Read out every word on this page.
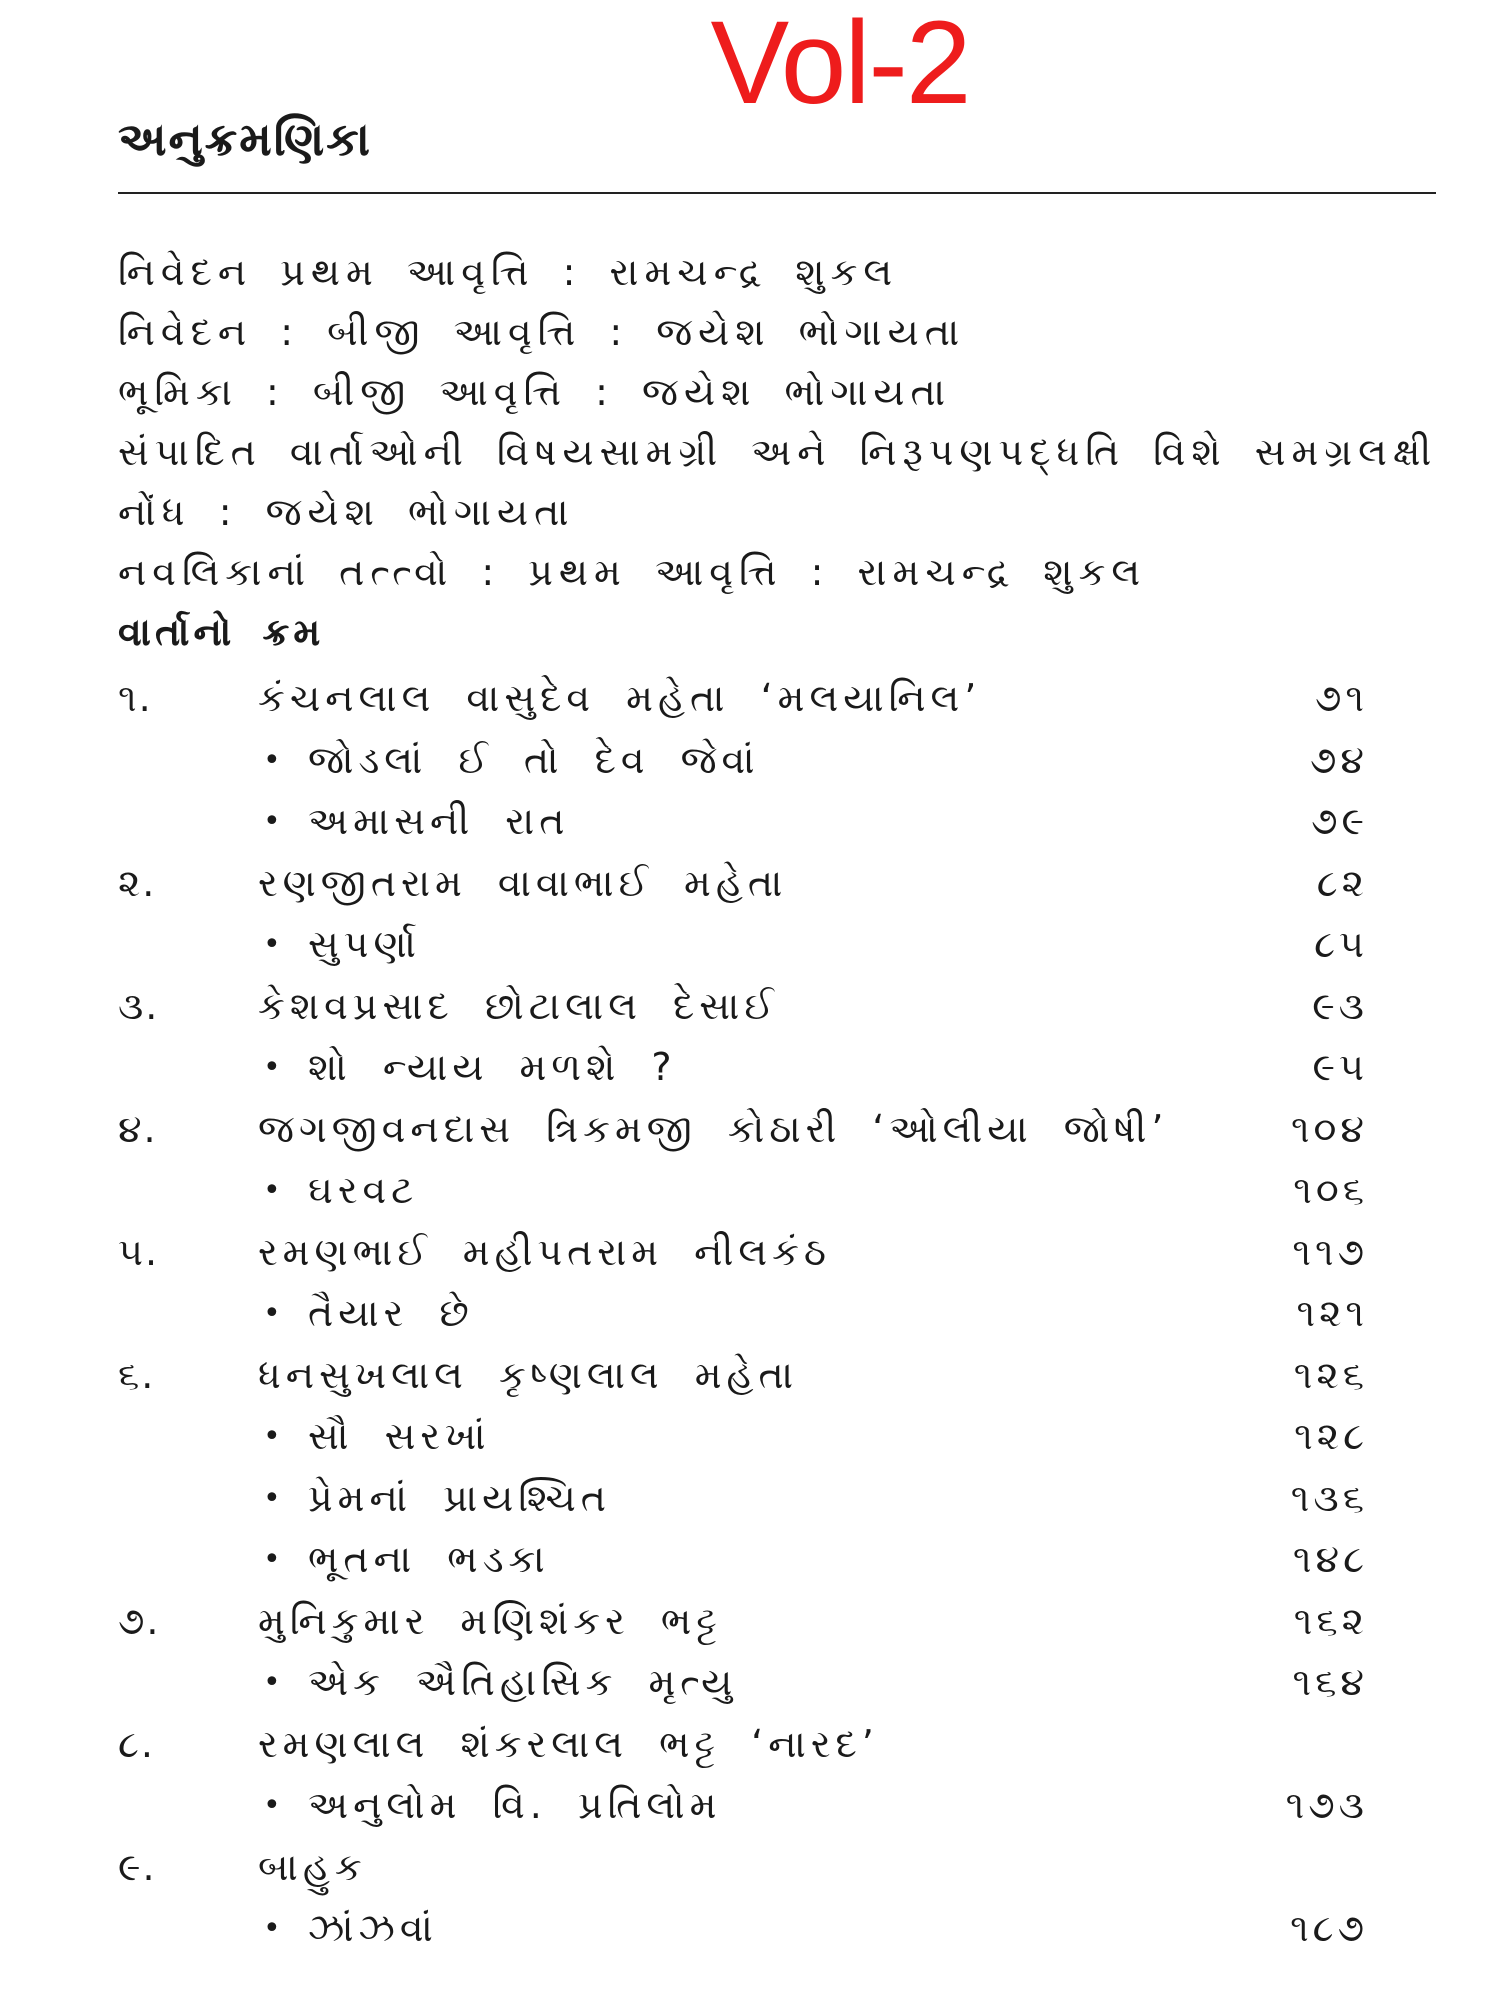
Vol-2
અનુક્રમણિકા
નિવેદન પ્રથમ આવૃત્તિ : રામચન્દ્ર શુકલ
નિવેદન : બીજી આવૃત્તિ : જયેશ ભોગાયતા
ભૂમિકા : બીજી આવૃત્તિ : જયેશ ભોગાયતા
સંપાદિત વાર્તાઓની વિષયસામગ્રી અને નિરૂપણપદ્ધતિ વિશે સમગ્રલક્ષી
નોંધ : જયેશ ભોગાયતા
નવલિકાનાં તત્ત્વો : પ્રથમ આવૃત્તિ : રામચન્દ્ર શુકલ
વાર્તાનો ક્રમ
૧.	કંચનલાલ વાસુદેવ મહેતા ‘મલયાનિલ’	૭૧
• જોડલાં ઈ તો દેવ જેવાં	૭૪
• અમાસની રાત	૭૯
૨.	રણજીતરામ વાવાભાઈ મહેતા	૮૨
• સુપર્ણા	૮૫
૩.	કેશવપ્રસાદ છોટાલાલ દેસાઈ	૯૩
• શો ન્યાય મળશે ?	૯૫
૪.	જગજીવનદાસ ત્રિકમજી કોઠારી ‘ઓલીયા જોષી’	૧૦૪
• ઘરવટ	૧૦૬
૫.	રમણભાઈ મહીપતરામ નીલકંઠ	૧૧૭
• તૈયાર છે	૧૨૧
૬.	ધનસુખલાલ કૃષ્ણલાલ મહેતા	૧૨૬
• સૌ સરખાં	૧૨૮
• પ્રેમનાં પ્રાયશ્ચિત	૧૩૬
• ભૂતના ભડકા	૧૪૮
૭.	મુનિકુમાર મણિશંકર ભટ્ટ	૧૬૨
• એક ઐતિહાસિક મૃત્યુ	૧૬૪
૮.	રમણલાલ શંકરલાલ ભટ્ટ ‘નારદ’
• અનુલોમ વિ. પ્રતિલોમ	૧૭૩
૯.	બાહુક
• ઝાંઝવાં	૧૮૭
